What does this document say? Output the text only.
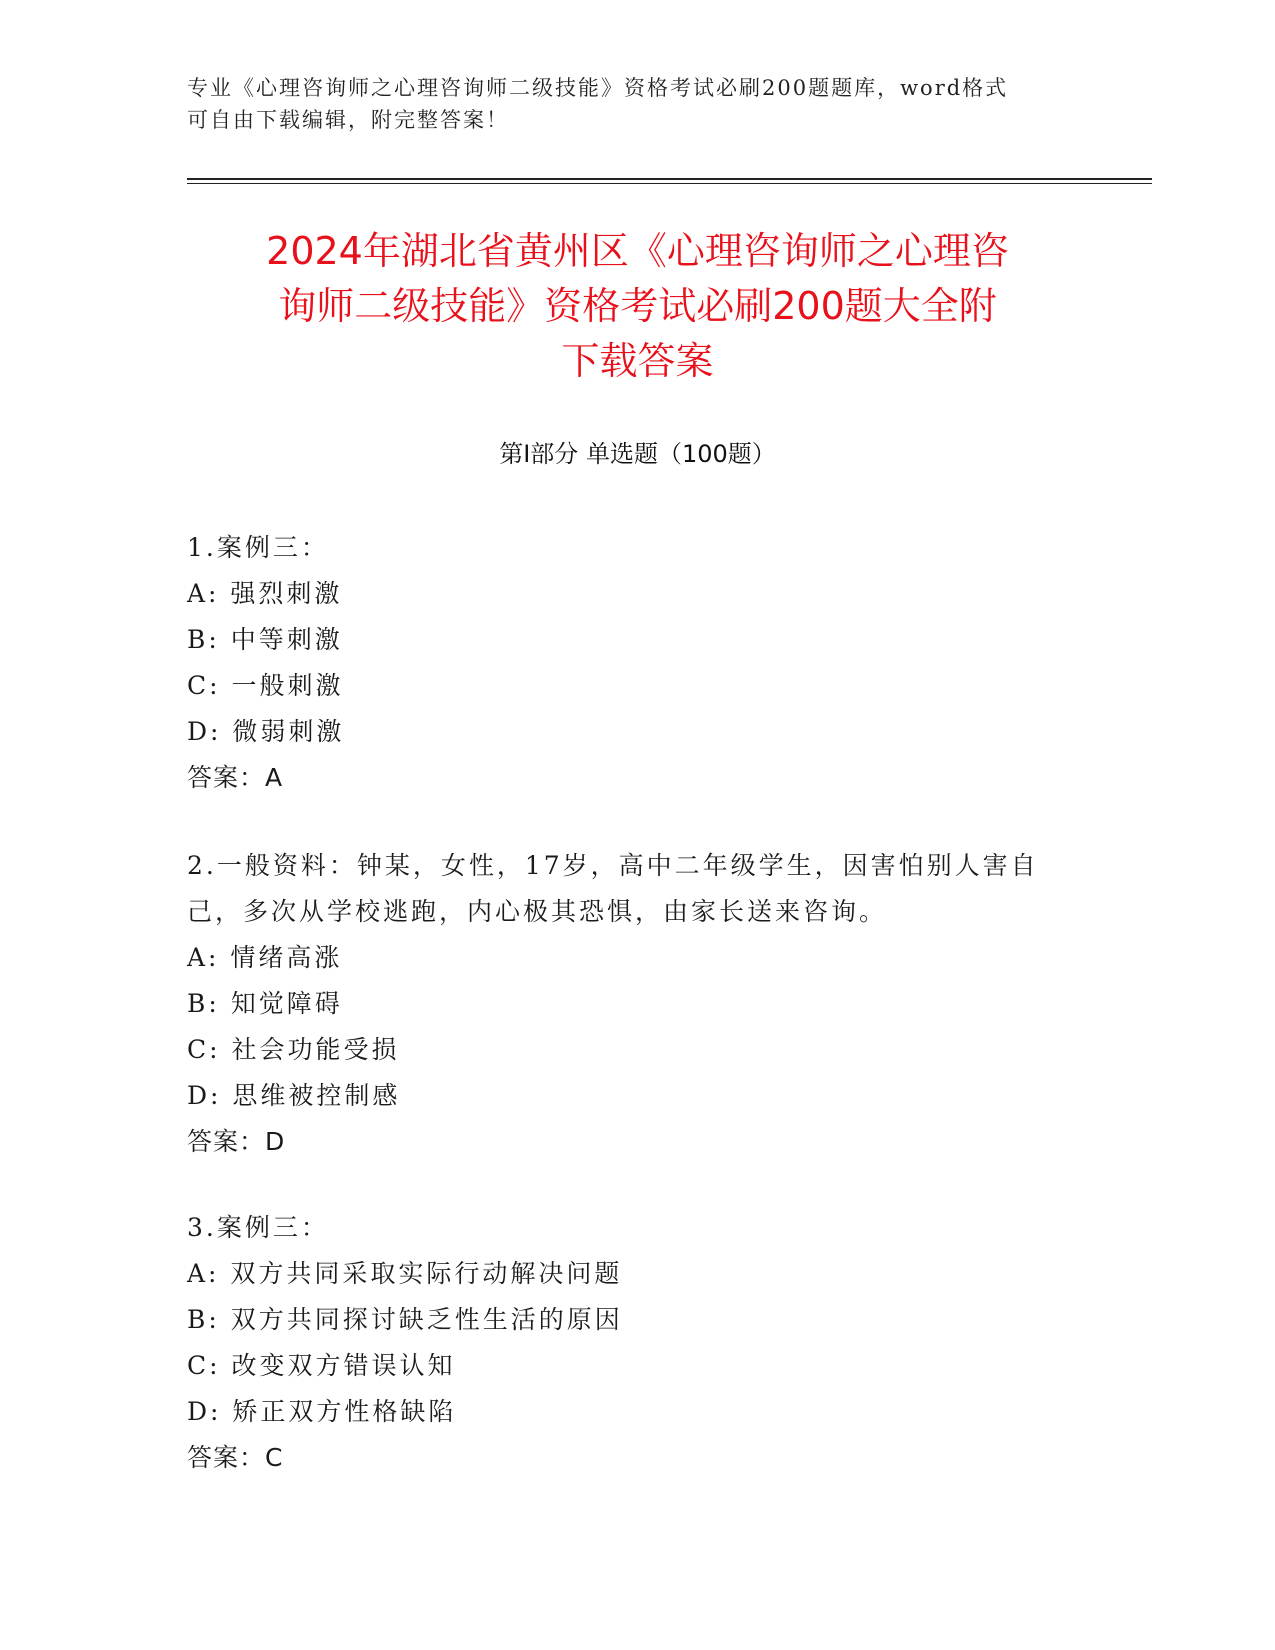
专业《心理咨询师之心理咨询师二级技能》资格考试必刷200题题库，word格式
可自由下载编辑，附完整答案！
2024年湖北省黄州区《心理咨询师之心理咨
询师二级技能》资格考试必刷200题大全附
下载答案
第Ⅰ部分 单选题（100题）
1.案例三：
A: 强烈刺激
B: 中等刺激
C: 一般刺激
D: 微弱刺激
答案：A
2.一般资料：钟某，女性，17岁，高中二年级学生，因害怕别人害自
己，多次从学校逃跑，内心极其恐惧，由家长送来咨询。
A: 情绪高涨
B: 知觉障碍
C: 社会功能受损
D: 思维被控制感
答案：D
3.案例三：
A: 双方共同采取实际行动解决问题
B: 双方共同探讨缺乏性生活的原因
C: 改变双方错误认知
D: 矫正双方性格缺陷
答案：C
